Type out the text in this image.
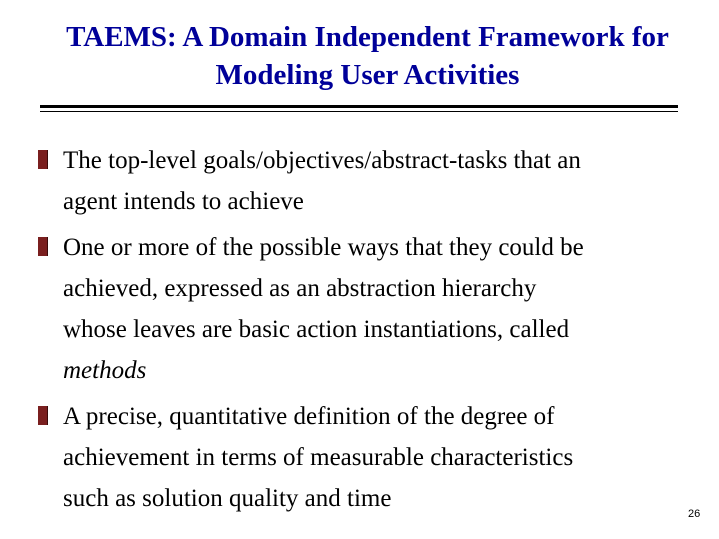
TAEMS: A Domain Independent Framework for
Modeling User Activities
The top-level goals/objectives/abstract-tasks that an
agent intends to achieve
One or more of the possible ways that they could be
achieved, expressed as an abstraction hierarchy
whose leaves are basic action instantiations, called
methods
A precise, quantitative definition of the degree of
achievement in terms of measurable characteristics
such as solution quality and time
26
